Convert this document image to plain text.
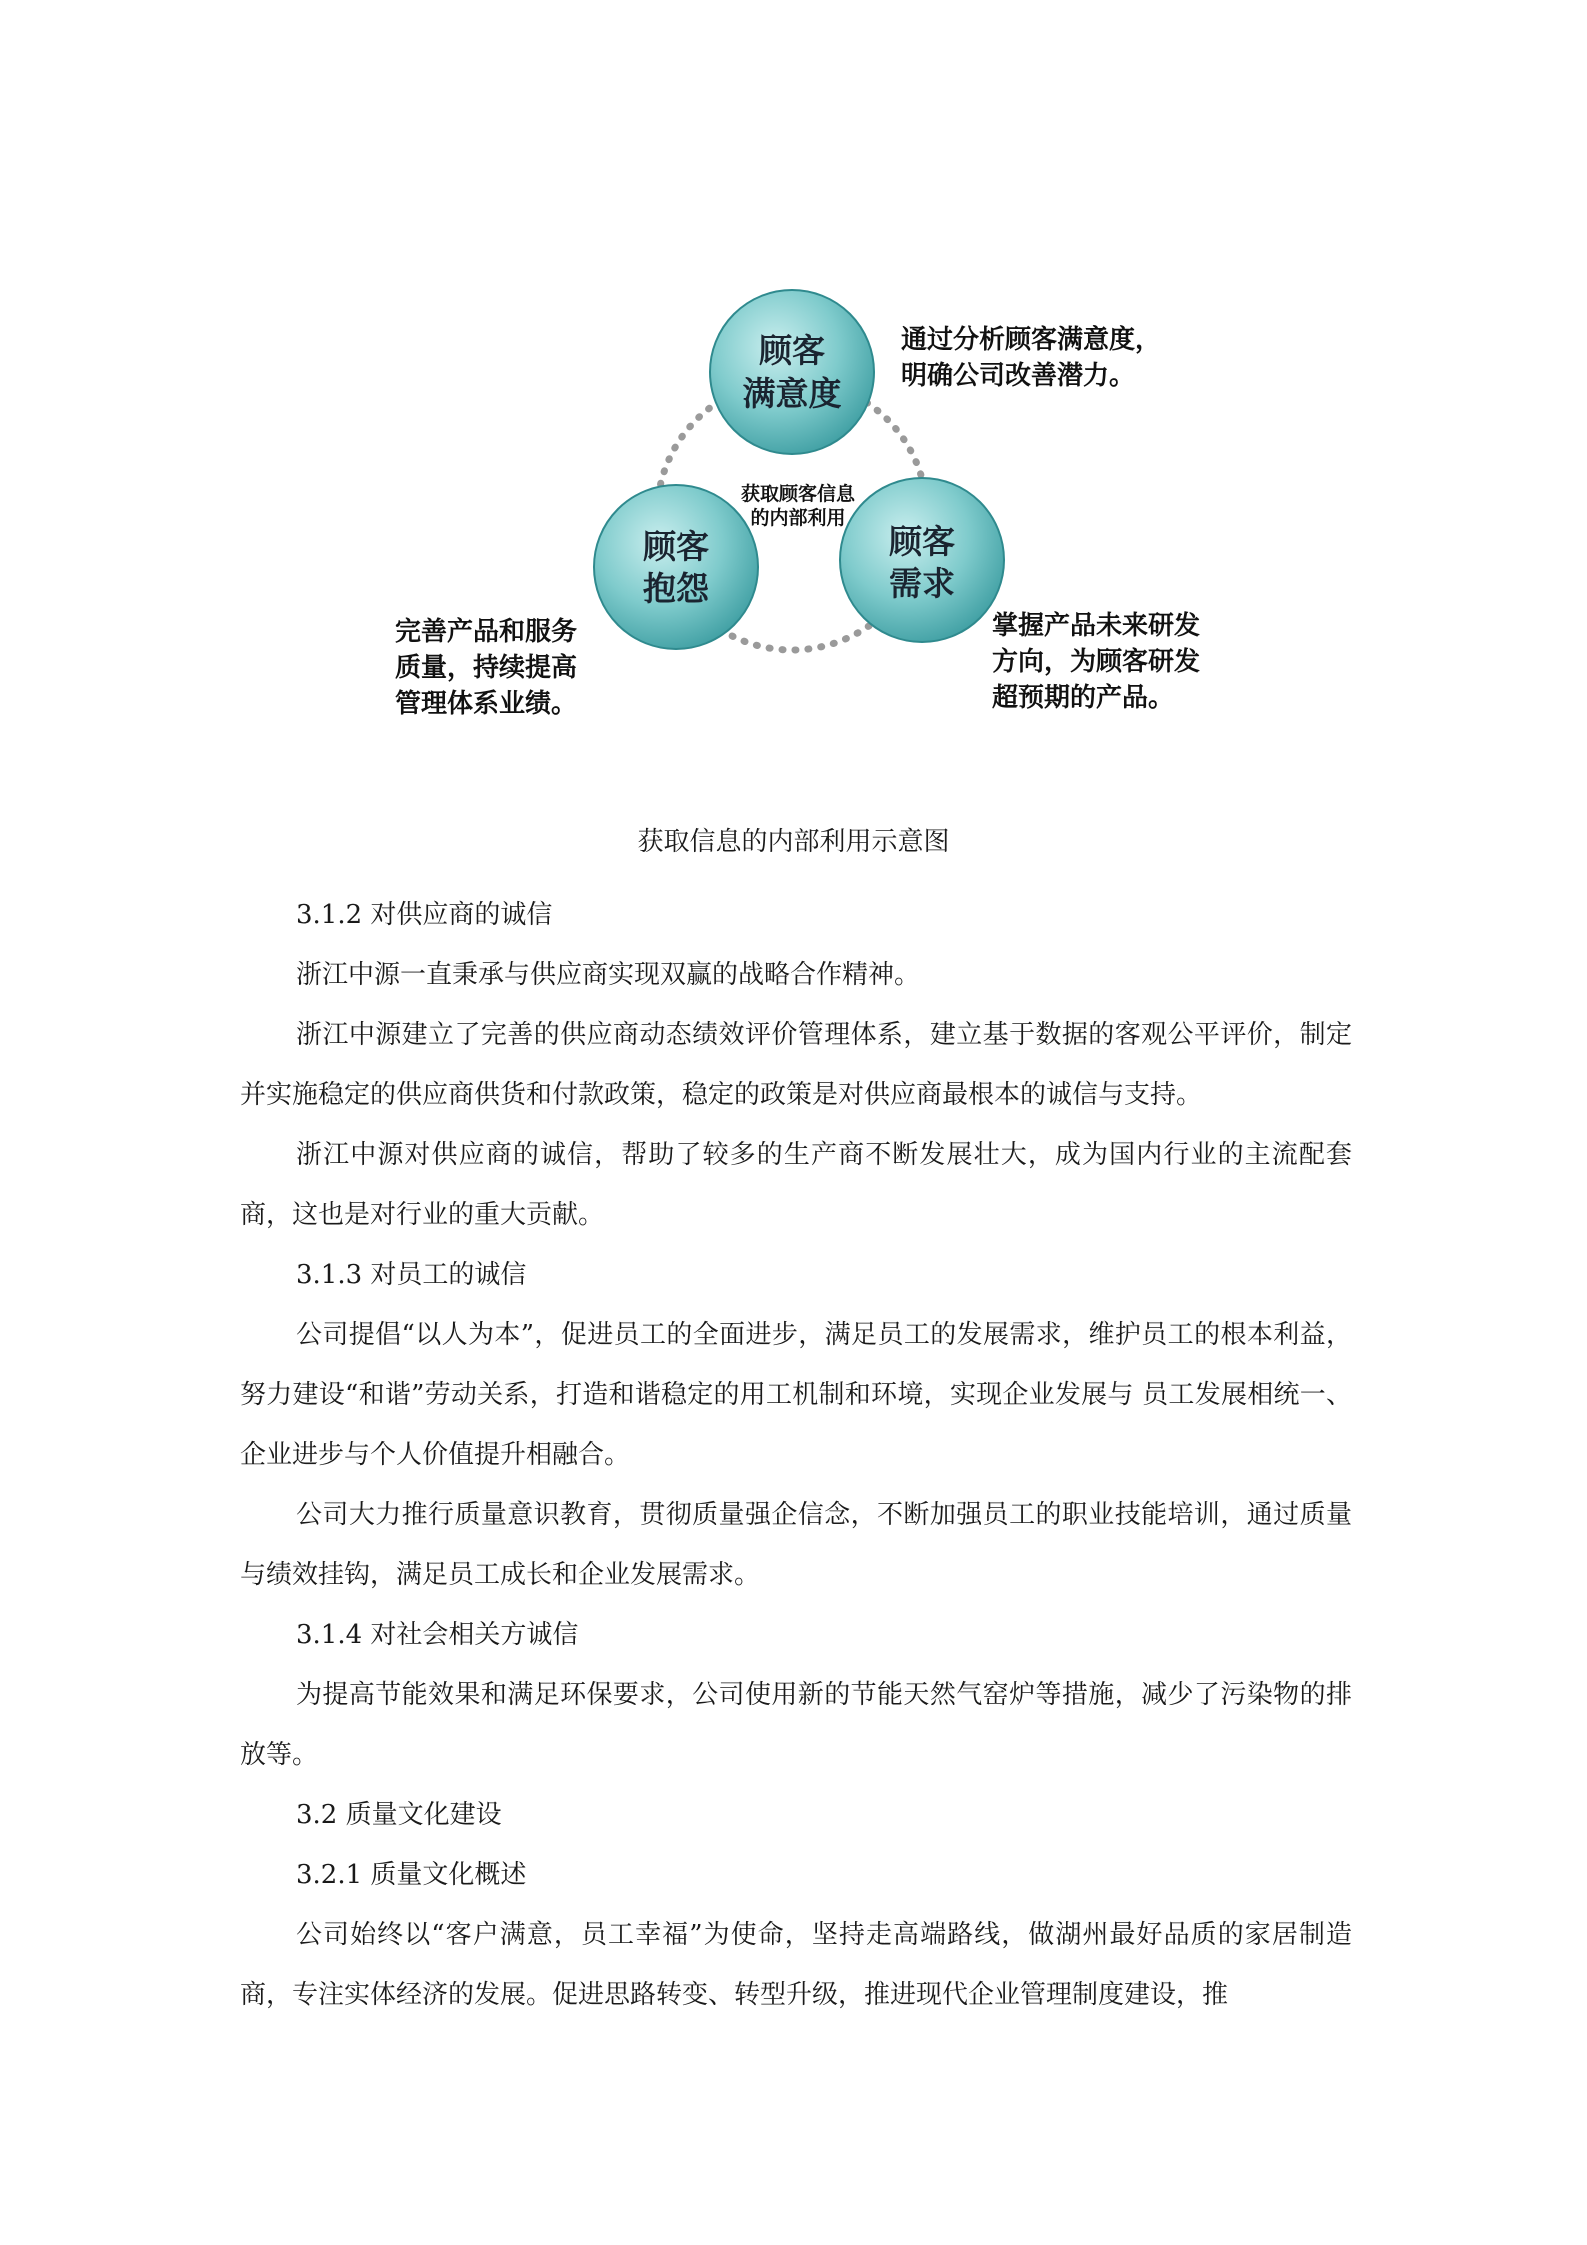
顾客
满意度
顾客
抱怨
顾客
需求
获取顾客信息
的内部利用
通过分析顾客满意度，
明确公司改善潜力。
完善产品和服务
质量，持续提高
管理体系业绩。
掌握产品未来研发
方向，为顾客研发
超预期的产品。
获取信息的内部利用示意图

3.1.2 对供应商的诚信

浙江中源一直秉承与供应商实现双赢的战略合作精神。

浙江中源建立了完善的供应商动态绩效评价管理体系，建立基于数据的客观公平评价，制定并实施稳定的供应商供货和付款政策，稳定的政策是对供应商最根本的诚信与支持。

浙江中源对供应商的诚信，帮助了较多的生产商不断发展壮大，成为国内行业的主流配套商，这也是对行业的重大贡献。

3.1.3 对员工的诚信

公司提倡“以人为本”，促进员工的全面进步，满足员工的发展需求，维护员工的根本利益，努力建设“和谐”劳动关系，打造和谐稳定的用工机制和环境，实现企业发展与 员工发展相统一、企业进步与个人价值提升相融合。

公司大力推行质量意识教育，贯彻质量强企信念，不断加强员工的职业技能培训，通过质量与绩效挂钩，满足员工成长和企业发展需求。

3.1.4 对社会相关方诚信

为提高节能效果和满足环保要求，公司使用新的节能天然气窑炉等措施，减少了污染物的排放等。

3.2 质量文化建设

3.2.1 质量文化概述

公司始终以“客户满意，员工幸福”为使命，坚持走高端路线，做湖州最好品质的家居制造商，专注实体经济的发展。促进思路转变、转型升级，推进现代企业管理制度建设，推
